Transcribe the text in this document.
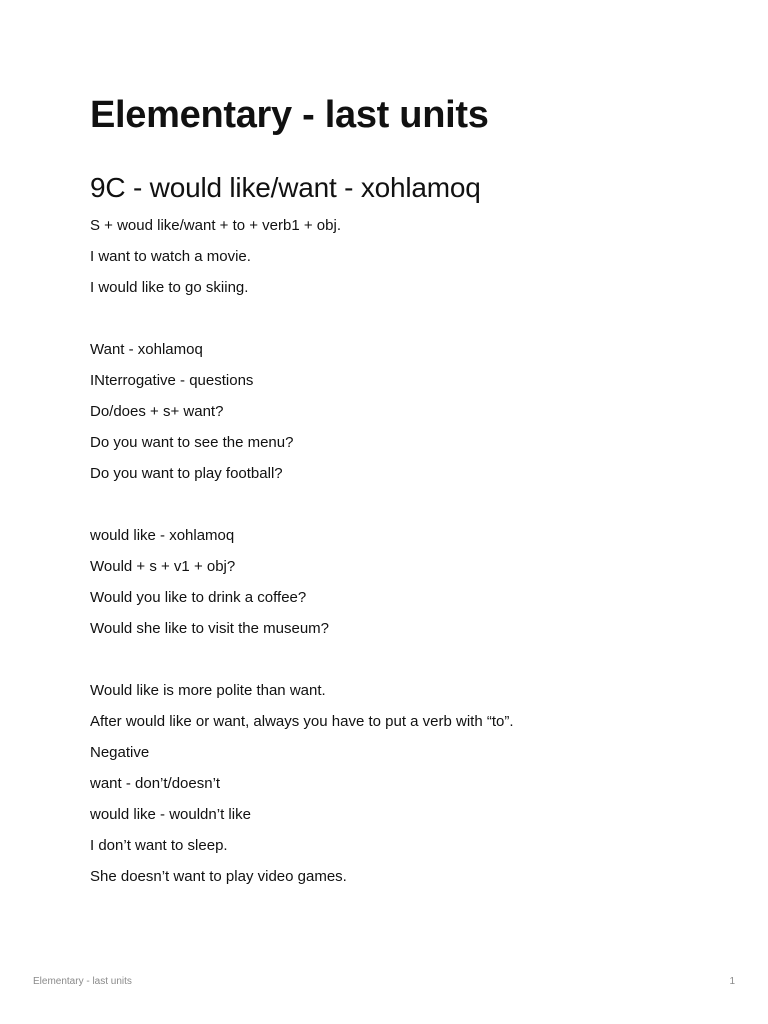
Elementary - last units
9C - would like/want - xohlamoq
S + woud like/want + to + verb1 + obj.
I want to watch a movie.
I would like to go skiing.
Want - xohlamoq
INterrogative - questions
Do/does + s+ want?
Do you want to see the menu?
Do you want to play football?
would like - xohlamoq
Would + s + v1 + obj?
Would you like to drink a coffee?
Would she like to visit the museum?
Would like is more polite than want.
After would like or want, always you have to put a verb with “to”.
Negative
want - don’t/doesn’t
would like - wouldn’t like
I don’t want to sleep.
She doesn’t want to play video games.
Elementary - last units	1
